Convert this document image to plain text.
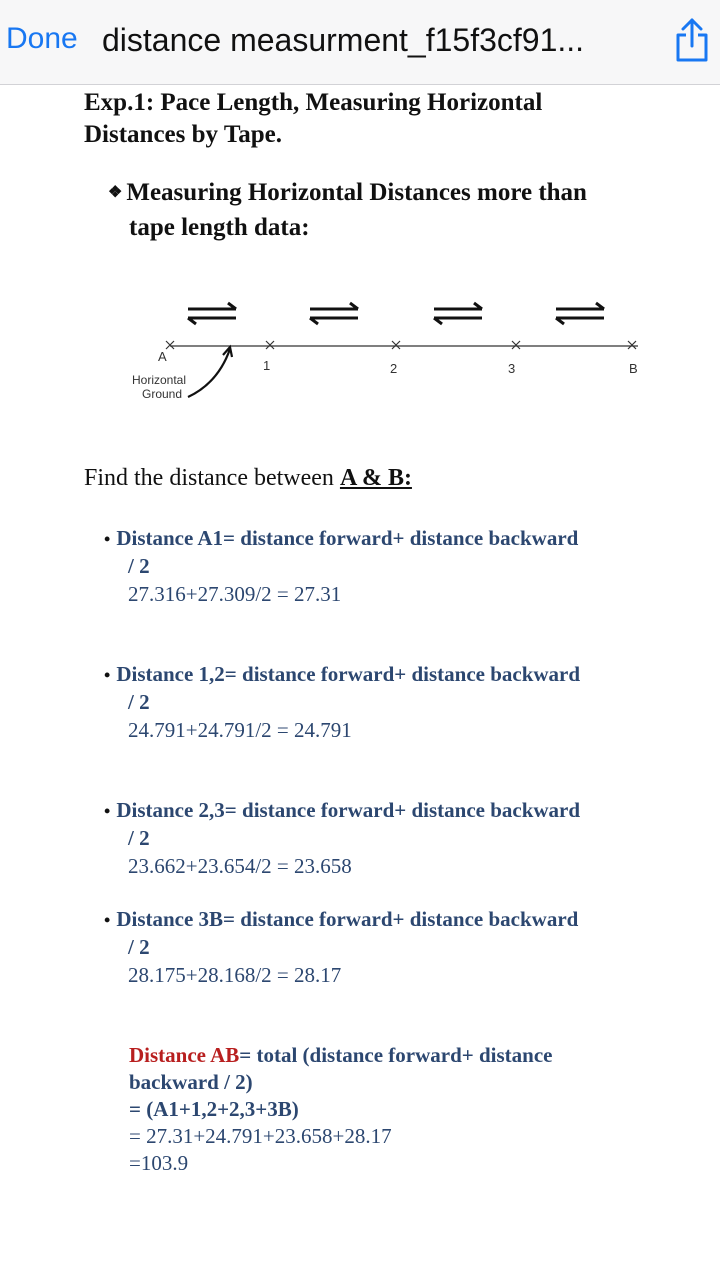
Done distance measurment_f15f3cf91...
Exp.1: Pace Length, Measuring Horizontal
Distances by Tape.
❖ Measuring Horizontal Distances more than
tape length data:
A
1	2	3	B
Horizontal
Ground
Find the distance between A & B:
• Distance A1= distance forward+ distance backward
/ 2
27.316+27.309/2 = 27.31
• Distance 1,2= distance forward+ distance backward
/ 2
24.791+24.791/2 = 24.791
• Distance 2,3= distance forward+ distance backward
/ 2
23.662+23.654/2 = 23.658
• Distance 3B= distance forward+ distance backward
/ 2
28.175+28.168/2 = 28.17
Distance AB= total (distance forward+ distance
backward / 2)
= (A1+1,2+2,3+3B)
= 27.31+24.791+23.658+28.17
=103.9
